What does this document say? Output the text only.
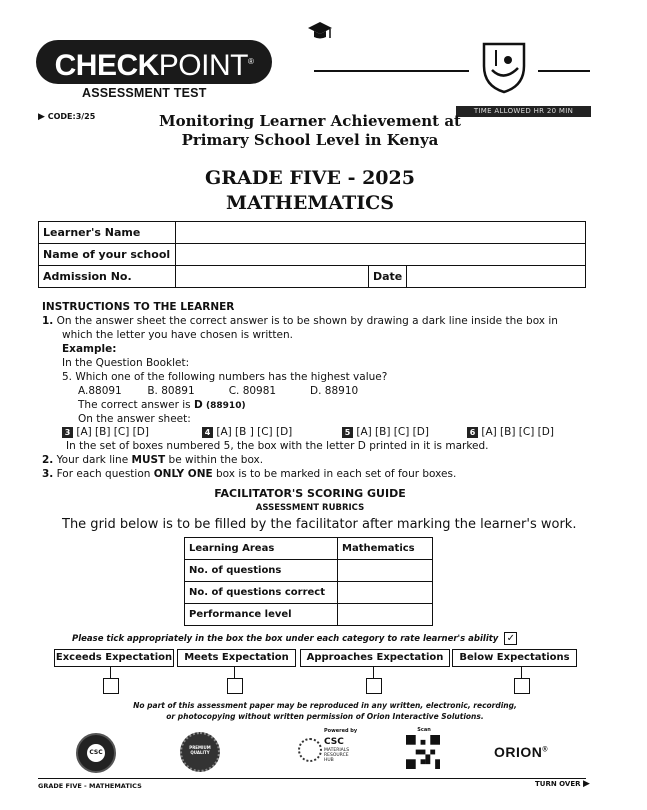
CHECKPOINT®
ASSESSMENT TEST
▶ CODE:3/25
TIME ALLOWED HR 20 MIN
Monitoring Learner Achievement at
Primary School Level in Kenya
GRADE FIVE - 2025
MATHEMATICS
Learner's Name			
Name of your school			
Admission No.		Date	
INSTRUCTIONS TO THE LEARNER
1. On the answer sheet the correct answer is to be shown by drawing a dark line inside the box in
which the letter you have chosen is written.
Example:
In the Question Booklet:
5. Which one of the following numbers has the highest value?
A.88091 B. 80891	C. 80981	D. 88910
The correct answer is D (88910)
On the answer sheet:
3 [A] [B] [C] [D]	4 [A] [B ] [C] [D]	5 [A] [B] [C] [D]	6 [A] [B] [C] [D]
In the set of boxes numbered 5, the box with the letter D printed in it is marked.
2. Your dark line MUST be within the box.
3. For each question ONLY ONE box is to be marked in each set of four boxes.
FACILITATOR'S SCORING GUIDE
ASSESSMENT RUBRICS
The grid below is to be filled by the facilitator after marking the learner's work.
Learning Areas	Mathematics
No. of questions	
No. of questions correct	
Performance level	
Please tick appropriately in the box the box under each category to rate learner's ability ✓
Exceeds Expectation	Meets Expectation	Approaches Expectation	Below Expectations
No part of this assessment paper may be reproduced in any written, electronic, recording,
or photocopying without written permission of Orion Interactive Solutions.
CSC
PREMIUM QUALITY
Powered by
CSC
MATERIALS
RESOURCE
HUB
Scan
ORION®
GRADE FIVE - MATHEMATICS	TURN OVER ▶
